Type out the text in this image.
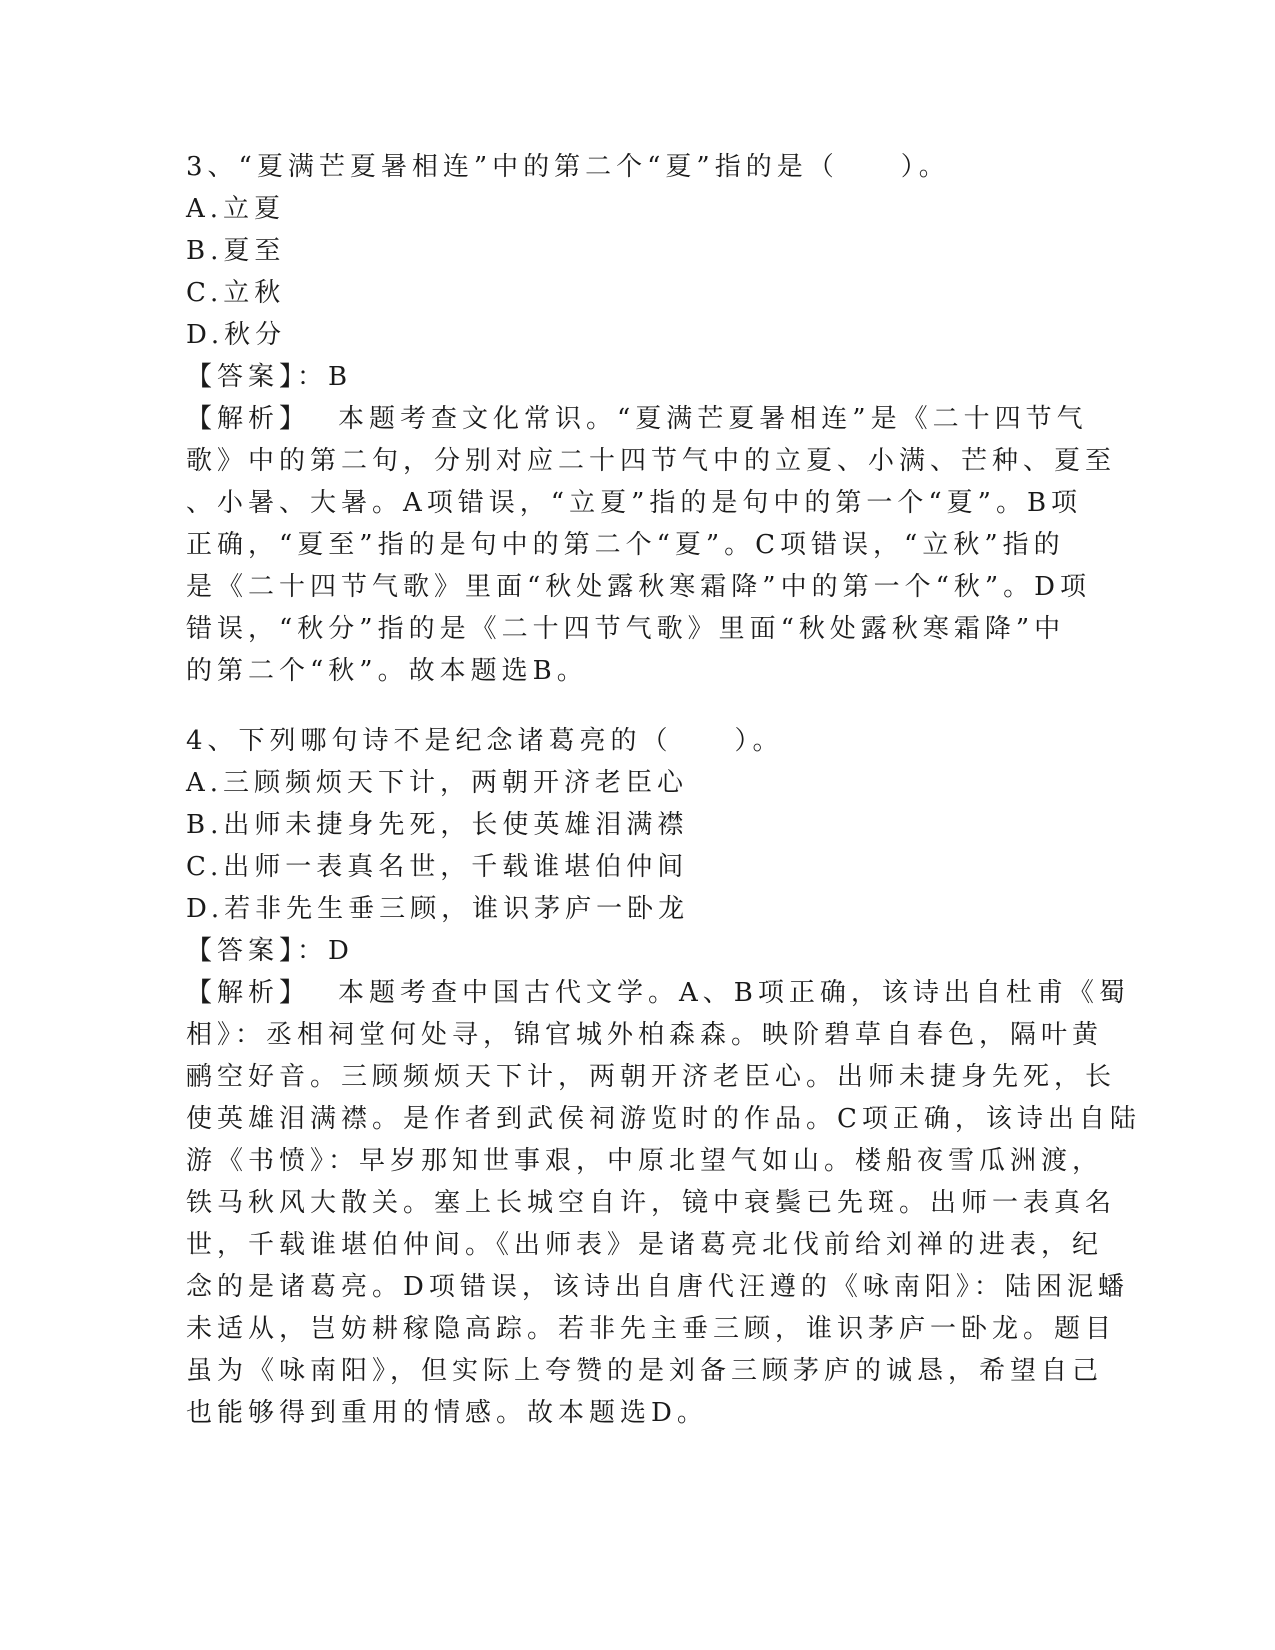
3、“夏满芒夏暑相连”中的第二个“夏”指的是（　　）。
A.立夏
B.夏至
C.立秋
D.秋分
【答案】：B
【解析】 本题考查文化常识。“夏满芒夏暑相连”是《二十四节气
歌》中的第二句，分别对应二十四节气中的立夏、小满、芒种、夏至
、小暑、大暑。A项错误，“立夏”指的是句中的第一个“夏”。B项
正确，“夏至”指的是句中的第二个“夏”。C项错误，“立秋”指的
是《二十四节气歌》里面“秋处露秋寒霜降”中的第一个“秋”。D项
错误，“秋分”指的是《二十四节气歌》里面“秋处露秋寒霜降”中
的第二个“秋”。故本题选B。
4、下列哪句诗不是纪念诸葛亮的（　　）。
A.三顾频烦天下计，两朝开济老臣心
B.出师未捷身先死，长使英雄泪满襟
C.出师一表真名世，千载谁堪伯仲间
D.若非先生垂三顾，谁识茅庐一卧龙
【答案】：D
【解析】 本题考查中国古代文学。A、B项正确，该诗出自杜甫《蜀
相》：丞相祠堂何处寻，锦官城外柏森森。映阶碧草自春色，隔叶黄
鹂空好音。三顾频烦天下计，两朝开济老臣心。出师未捷身先死，长
使英雄泪满襟。是作者到武侯祠游览时的作品。C项正确，该诗出自陆
游《书愤》：早岁那知世事艰，中原北望气如山。楼船夜雪瓜洲渡，
铁马秋风大散关。塞上长城空自许，镜中衰鬓已先斑。出师一表真名
世，千载谁堪伯仲间。《出师表》是诸葛亮北伐前给刘禅的进表，纪
念的是诸葛亮。D项错误，该诗出自唐代汪遵的《咏南阳》：陆困泥蟠
未适从，岂妨耕稼隐高踪。若非先主垂三顾，谁识茅庐一卧龙。题目
虽为《咏南阳》，但实际上夸赞的是刘备三顾茅庐的诚恳，希望自己
也能够得到重用的情感。故本题选D。
